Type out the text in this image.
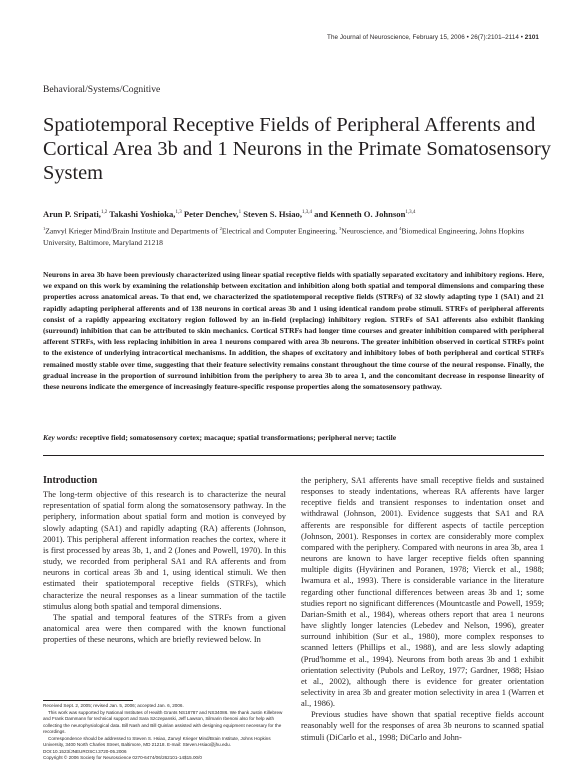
The Journal of Neuroscience, February 15, 2006 • 26(7):2101–2114 • 2101
Behavioral/Systems/Cognitive
Spatiotemporal Receptive Fields of Peripheral Afferents and Cortical Area 3b and 1 Neurons in the Primate Somatosensory System
Arun P. Sripati,$^{1,2}$ Takashi Yoshioka,$^{1,3}$ Peter Denchev,$^1$ Steven S. Hsiao,$^{1,3,4}$ and Kenneth O. Johnson$^{1,3,4}$
$^1$Zanvyl Krieger Mind/Brain Institute and Departments of $^2$Electrical and Computer Engineering, $^3$Neuroscience, and $^4$Biomedical Engineering, Johns Hopkins University, Baltimore, Maryland 21218
Neurons in area 3b have been previously characterized using linear spatial receptive fields with spatially separated excitatory and inhibitory regions. Here, we expand on this work by examining the relationship between excitation and inhibition along both spatial and temporal dimensions and comparing these properties across anatomical areas. To that end, we characterized the spatiotemporal receptive fields (STRFs) of 32 slowly adapting type 1 (SA1) and 21 rapidly adapting peripheral afferents and of 138 neurons in cortical areas 3b and 1 using identical random probe stimuli. STRFs of peripheral afferents consist of a rapidly appearing excitatory region followed by an in-field (replacing) inhibitory region. STRFs of SA1 afferents also exhibit flanking (surround) inhibition that can be attributed to skin mechanics. Cortical STRFs had longer time courses and greater inhibition compared with peripheral afferent STRFs, with less replacing inhibition in area 1 neurons compared with area 3b neurons. The greater inhibition observed in cortical STRFs point to the existence of underlying intracortical mechanisms. In addition, the shapes of excitatory and inhibitory lobes of both peripheral and cortical STRFs remained mostly stable over time, suggesting that their feature selectivity remains constant throughout the time course of the neural response. Finally, the gradual increase in the proportion of surround inhibition from the periphery to area 3b to area 1, and the concomitant decrease in response linearity of these neurons indicate the emergence of increasingly feature-specific response properties along the somatosensory pathway.
Key words: receptive field; somatosensory cortex; macaque; spatial transformations; peripheral nerve; tactile
Introduction

The long-term objective of this research is to characterize the neural representation of spatial form along the somatosensory pathway. In the periphery, information about spatial form and motion is conveyed by slowly adapting (SA1) and rapidly adapting (RA) afferents (Johnson, 2001). This peripheral afferent information reaches the cortex, where it is first processed by areas 3b, 1, and 2 (Jones and Powell, 1970). In this study, we recorded from peripheral SA1 and RA afferents and from neurons in cortical areas 3b and 1, using identical stimuli. We then estimated their spatiotemporal receptive fields (STRFs), which characterize the neural responses as a linear summation of the tactile stimulus along both spatial and temporal dimensions.

The spatial and temporal features of the STRFs from a given anatomical area were then compared with the known functional properties of these neurons, which are briefly reviewed below. In

the periphery, SA1 afferents have small receptive fields and sustained responses to steady indentations, whereas RA afferents have larger receptive fields and transient responses to indentation onset and withdrawal (Johnson, 2001). Evidence suggests that SA1 and RA afferents are responsible for different aspects of tactile perception (Johnson, 2001). Responses in cortex are considerably more complex compared with the periphery. Compared with neurons in area 3b, area 1 neurons are known to have larger receptive fields often spanning multiple digits (Hyvärinen and Poranen, 1978; Vierck et al., 1988; Iwamura et al., 1993). There is considerable variance in the literature regarding other functional differences between areas 3b and 1; some studies report no significant differences (Mountcastle and Powell, 1959; Darian-Smith et al., 1984), whereas others report that area 1 neurons have slightly longer latencies (Lebedev and Nelson, 1996), greater surround inhibition (Sur et al., 1980), more complex responses to scanned letters (Phillips et al., 1988), and are less slowly adapting (Prud'homme et al., 1994). Neurons from both areas 3b and 1 exhibit orientation selectivity (Pubols and LeRoy, 1977; Gardner, 1988; Hsiao et al., 2002), although there is evidence for greater orientation selectivity in area 3b and greater motion selectivity in area 1 (Warren et al., 1986).

Previous studies have shown that spatial receptive fields account reasonably well for the responses of area 3b neurons to scanned spatial stimuli (DiCarlo et al., 1998; DiCarlo and John-

Received Sept. 2, 2005; revised Jan. 5, 2006; accepted Jan. 6, 2006.

This work was supported by National Institutes of Health Grants NS18787 and NS34086. We thank Justin Killebrew and Frank Dammann for technical support and Sara Szczepanski, Jeff Lawson, Silmarin Ibenoni also for help with collecting the neurophysiological data. Bill Nash and Bill Quinlan assisted with designing equipment necessary for the recordings.

Correspondence should be addressed to Steven S. Hsiao, Zanvyl Krieger Mind/Brain Institute, Johns Hopkins University, 3400 North Charles Street, Baltimore, MD 21218. E-mail: Steven.Hsiao@jhu.edu.

DOI:10.1523/JNEUROSCI.3720-05.2006

Copyright © 2006 Society for Neuroscience 0270-6474/06/262101-14$15.00/0
